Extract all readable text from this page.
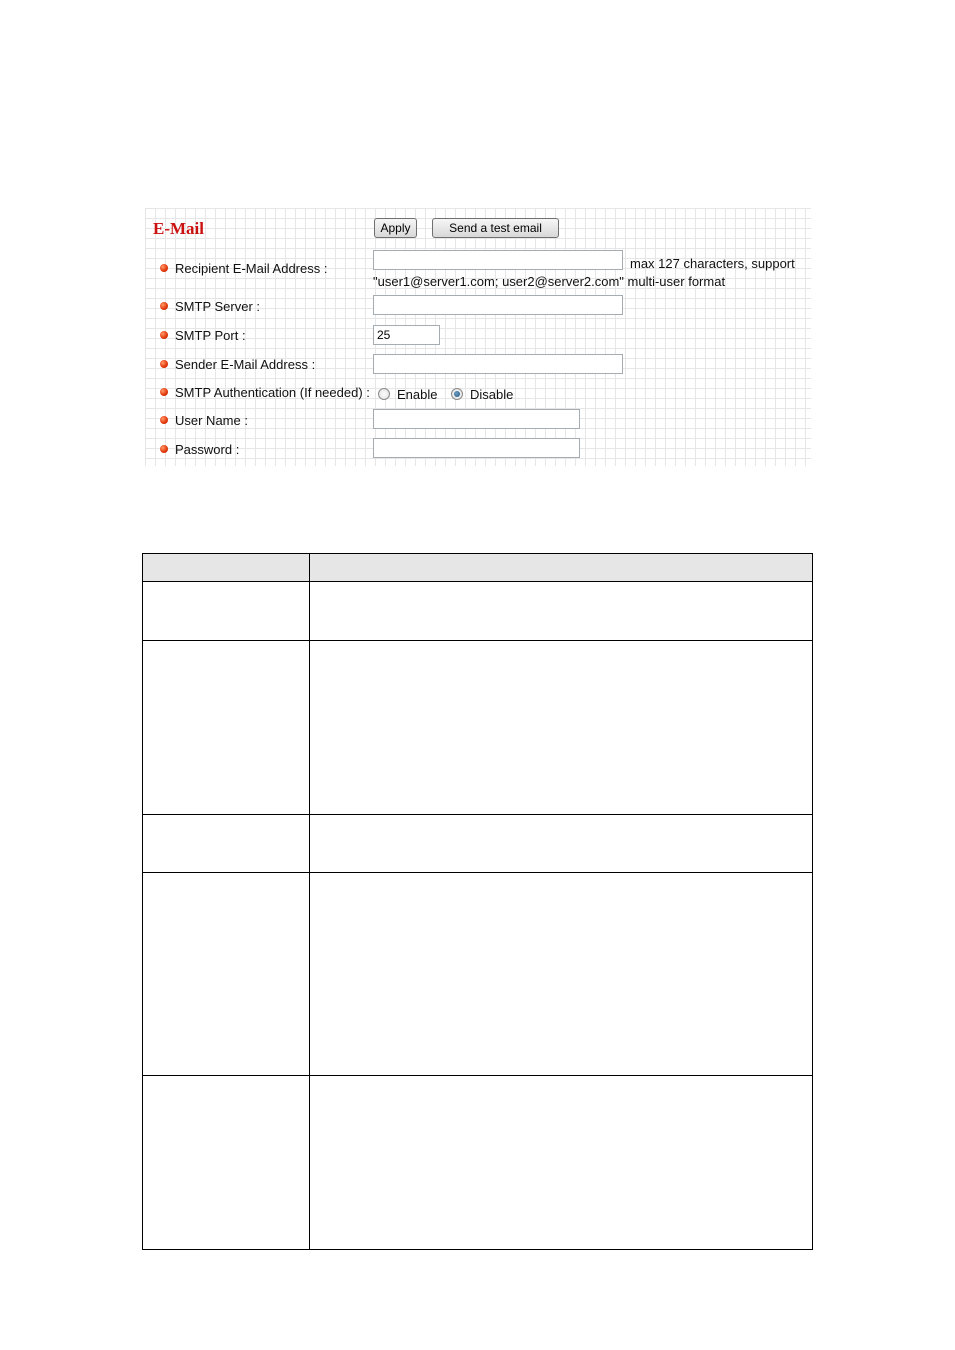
E-Mail	Apply	Send a test email
Recipient E-Mail Address :	max 127 characters, support
"user1@server1.com; user2@server2.com" multi-user format
SMTP Server :
SMTP Port :
25
Sender E-Mail Address :
SMTP Authentication (If needed) : Enable	Disable
User Name :
Password :
